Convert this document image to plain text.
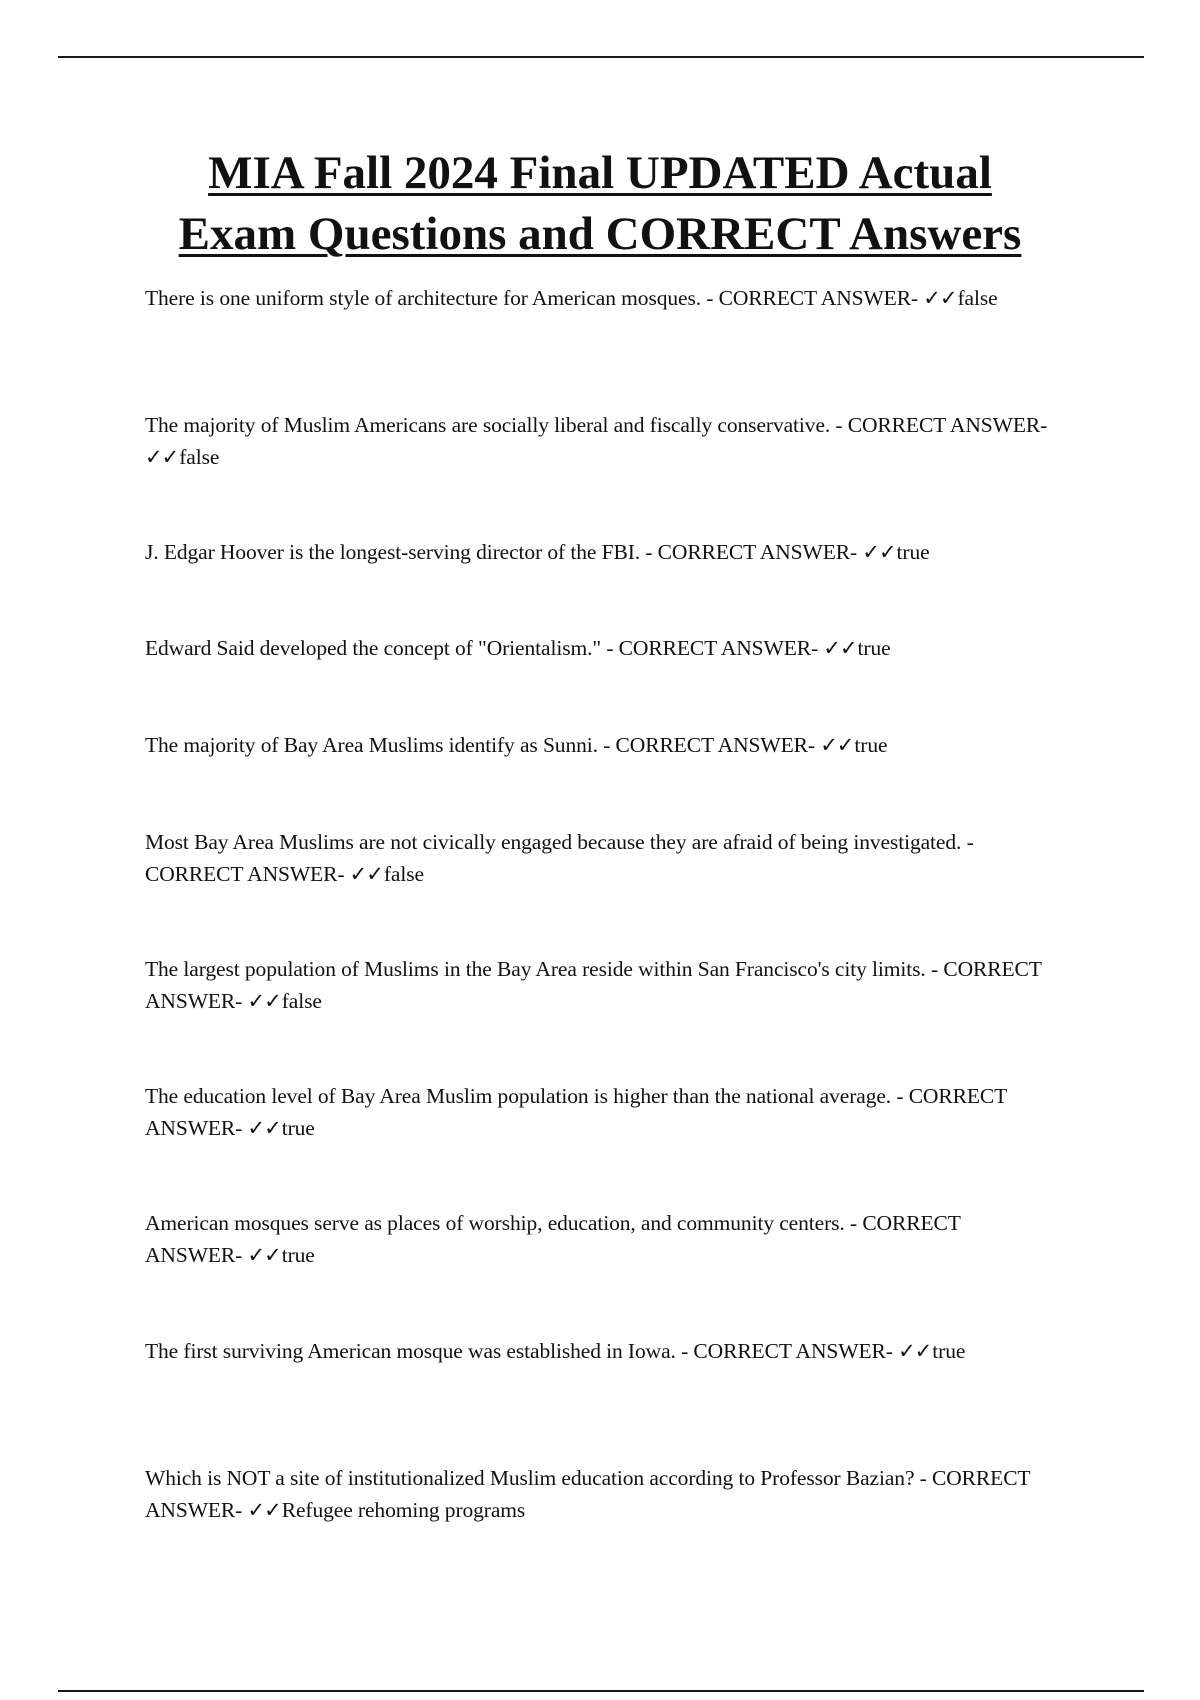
MIA Fall 2024 Final UPDATED Actual
Exam Questions and CORRECT Answers
There is one uniform style of architecture for American mosques. - CORRECT ANSWER- ✓✓false
The majority of Muslim Americans are socially liberal and fiscally conservative. - CORRECT ANSWER- ✓✓false
J. Edgar Hoover is the longest-serving director of the FBI. - CORRECT ANSWER- ✓✓true
Edward Said developed the concept of "Orientalism." - CORRECT ANSWER- ✓✓true
The majority of Bay Area Muslims identify as Sunni. - CORRECT ANSWER- ✓✓true
Most Bay Area Muslims are not civically engaged because they are afraid of being investigated. - CORRECT ANSWER- ✓✓false
The largest population of Muslims in the Bay Area reside within San Francisco's city limits. - CORRECT ANSWER- ✓✓false
The education level of Bay Area Muslim population is higher than the national average. - CORRECT ANSWER- ✓✓true
American mosques serve as places of worship, education, and community centers. - CORRECT ANSWER- ✓✓true
The first surviving American mosque was established in Iowa. - CORRECT ANSWER- ✓✓true
Which is NOT a site of institutionalized Muslim education according to Professor Bazian? - CORRECT ANSWER- ✓✓Refugee rehoming programs
